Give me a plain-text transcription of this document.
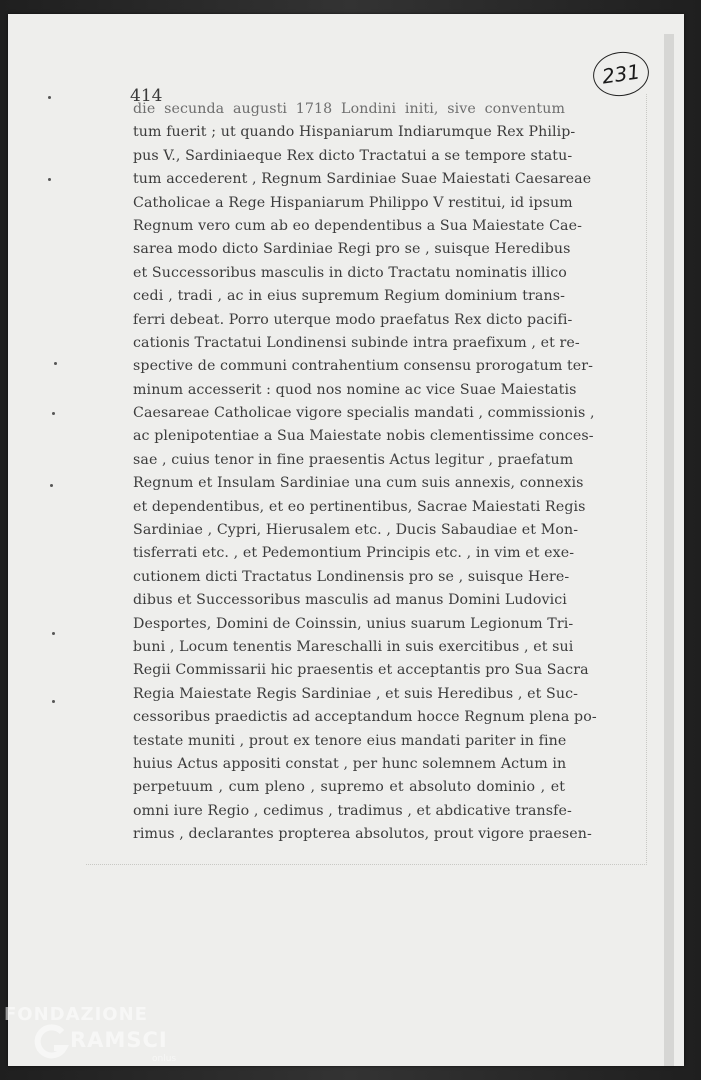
231
414
die secunda augusti 1718 Londini initi, sive conventum
tum fuerit ; ut quando Hispaniarum Indiarumque Rex Philip-
pus V., Sardiniaeque Rex dicto Tractatui a se tempore statu-
tum accederent , Regnum Sardiniae Suae Maiestati Caesareae
Catholicae a Rege Hispaniarum Philippo V restitui, id ipsum
Regnum vero cum ab eo dependentibus a Sua Maiestate Cae-
sarea modo dicto Sardiniae Regi pro se , suisque Heredibus
et Successoribus masculis in dicto Tractatu nominatis illico
cedi , tradi , ac in eius supremum Regium dominium trans-
ferri debeat. Porro uterque modo praefatus Rex dicto pacifi-
cationis Tractatui Londinensi subinde intra praefixum , et re-
spective de communi contrahentium consensu prorogatum ter-
minum accesserit : quod nos nomine ac vice Suae Maiestatis
Caesareae Catholicae vigore specialis mandati , commissionis ,
ac plenipotentiae a Sua Maiestate nobis clementissime conces-
sae , cuius tenor in fine praesentis Actus legitur , praefatum
Regnum et Insulam Sardiniae una cum suis annexis, connexis
et dependentibus, et eo pertinentibus, Sacrae Maiestati Regis
Sardiniae , Cypri, Hierusalem etc. , Ducis Sabaudiae et Mon-
tisferrati etc. , et Pedemontium Principis etc. , in vim et exe-
cutionem dicti Tractatus Londinensis pro se , suisque Here-
dibus et Successoribus masculis ad manus Domini Ludovici
Desportes, Domini de Coinssin, unius suarum Legionum Tri-
buni , Locum tenentis Mareschalli in suis exercitibus , et sui
Regii Commissarii hic praesentis et acceptantis pro Sua Sacra
Regia Maiestate Regis Sardiniae , et suis Heredibus , et Suc-
cessoribus praedictis ad acceptandum hocce Regnum plena po-
testate muniti , prout ex tenore eius mandati pariter in fine
huius Actus appositi constat , per hunc solemnem Actum in
perpetuum , cum pleno , supremo et absoluto dominio , et
omni iure Regio , cedimus , tradimus , et abdicative transfe-
rimus , declarantes propterea absolutos, prout vigore praesen-
FONDAZIONE
RAMSCI
onlus
